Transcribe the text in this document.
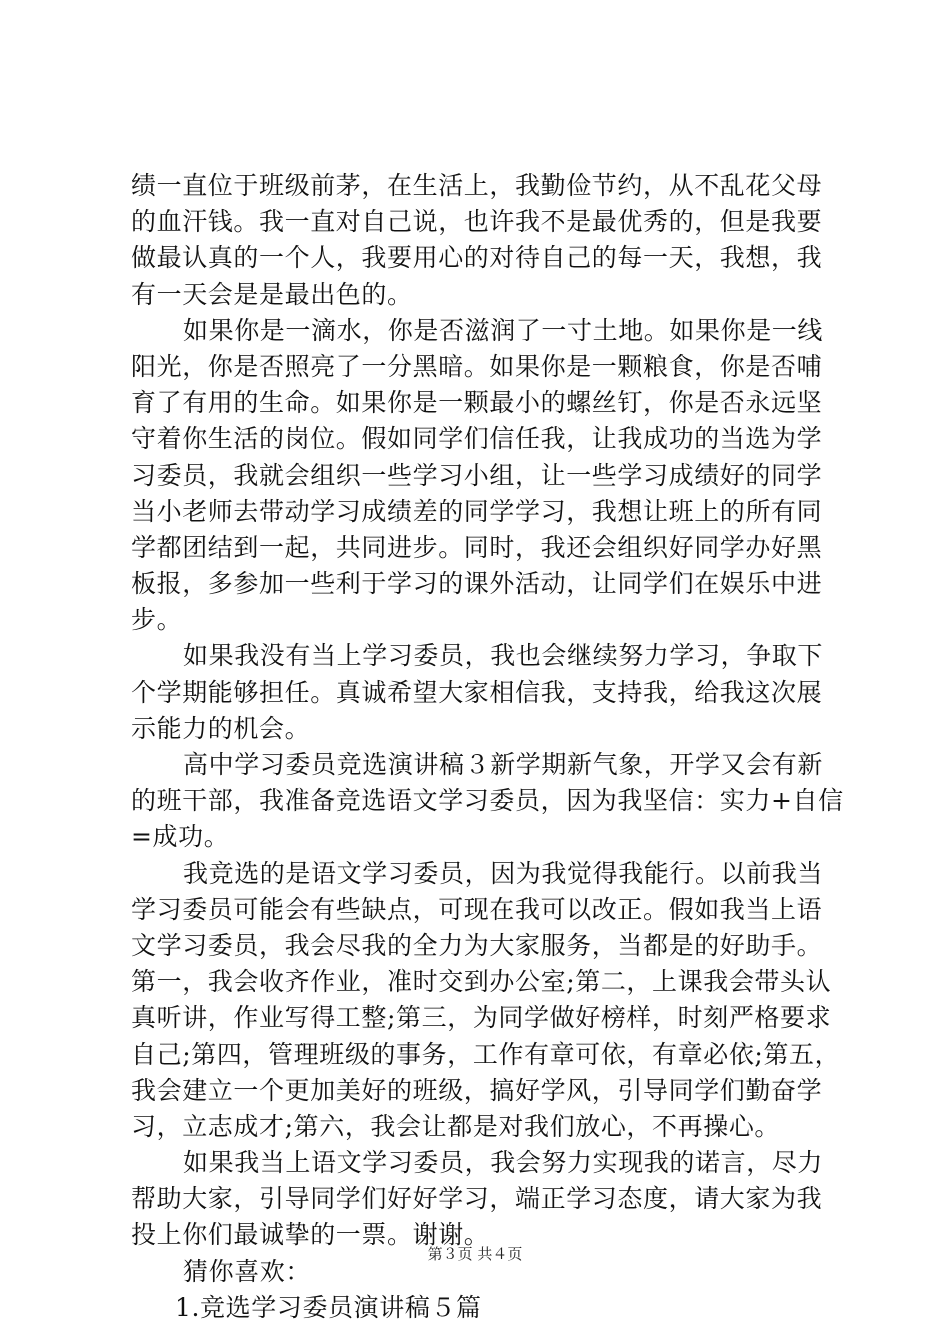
绩一直位于班级前茅，在生活上，我勤俭节约，从不乱花父母
的血汗钱。我一直对自己说，也许我不是最优秀的，但是我要
做最认真的一个人，我要用心的对待自己的每一天，我想，我
有一天会是是最出色的。
如果你是一滴水，你是否滋润了一寸土地。如果你是一线
阳光，你是否照亮了一分黑暗。如果你是一颗粮食，你是否哺
育了有用的生命。如果你是一颗最小的螺丝钉，你是否永远坚
守着你生活的岗位。假如同学们信任我，让我成功的当选为学
习委员，我就会组织一些学习小组，让一些学习成绩好的同学
当小老师去带动学习成绩差的同学学习，我想让班上的所有同
学都团结到一起，共同进步。同时，我还会组织好同学办好黑
板报，多参加一些利于学习的课外活动，让同学们在娱乐中进
步。
如果我没有当上学习委员，我也会继续努力学习，争取下
个学期能够担任。真诚希望大家相信我，支持我，给我这次展
示能力的机会。
高中学习委员竞选演讲稿３新学期新气象，开学又会有新
的班干部，我准备竞选语文学习委员，因为我坚信：实力+自信
=成功。
我竞选的是语文学习委员，因为我觉得我能行。以前我当
学习委员可能会有些缺点，可现在我可以改正。假如我当上语
文学习委员，我会尽我的全力为大家服务，当都是的好助手。
第一，我会收齐作业，准时交到办公室;第二，上课我会带头认
真听讲，作业写得工整;第三，为同学做好榜样，时刻严格要求
自己;第四，管理班级的事务，工作有章可依，有章必依;第五，
我会建立一个更加美好的班级，搞好学风，引导同学们勤奋学
习，立志成才;第六，我会让都是对我们放心，不再操心。
如果我当上语文学习委员，我会努力实现我的诺言，尽力
帮助大家，引导同学们好好学习，端正学习态度，请大家为我
投上你们最诚挚的一票。谢谢。
猜你喜欢：
1.竞选学习委员演讲稿５篇
第３页 共４页
